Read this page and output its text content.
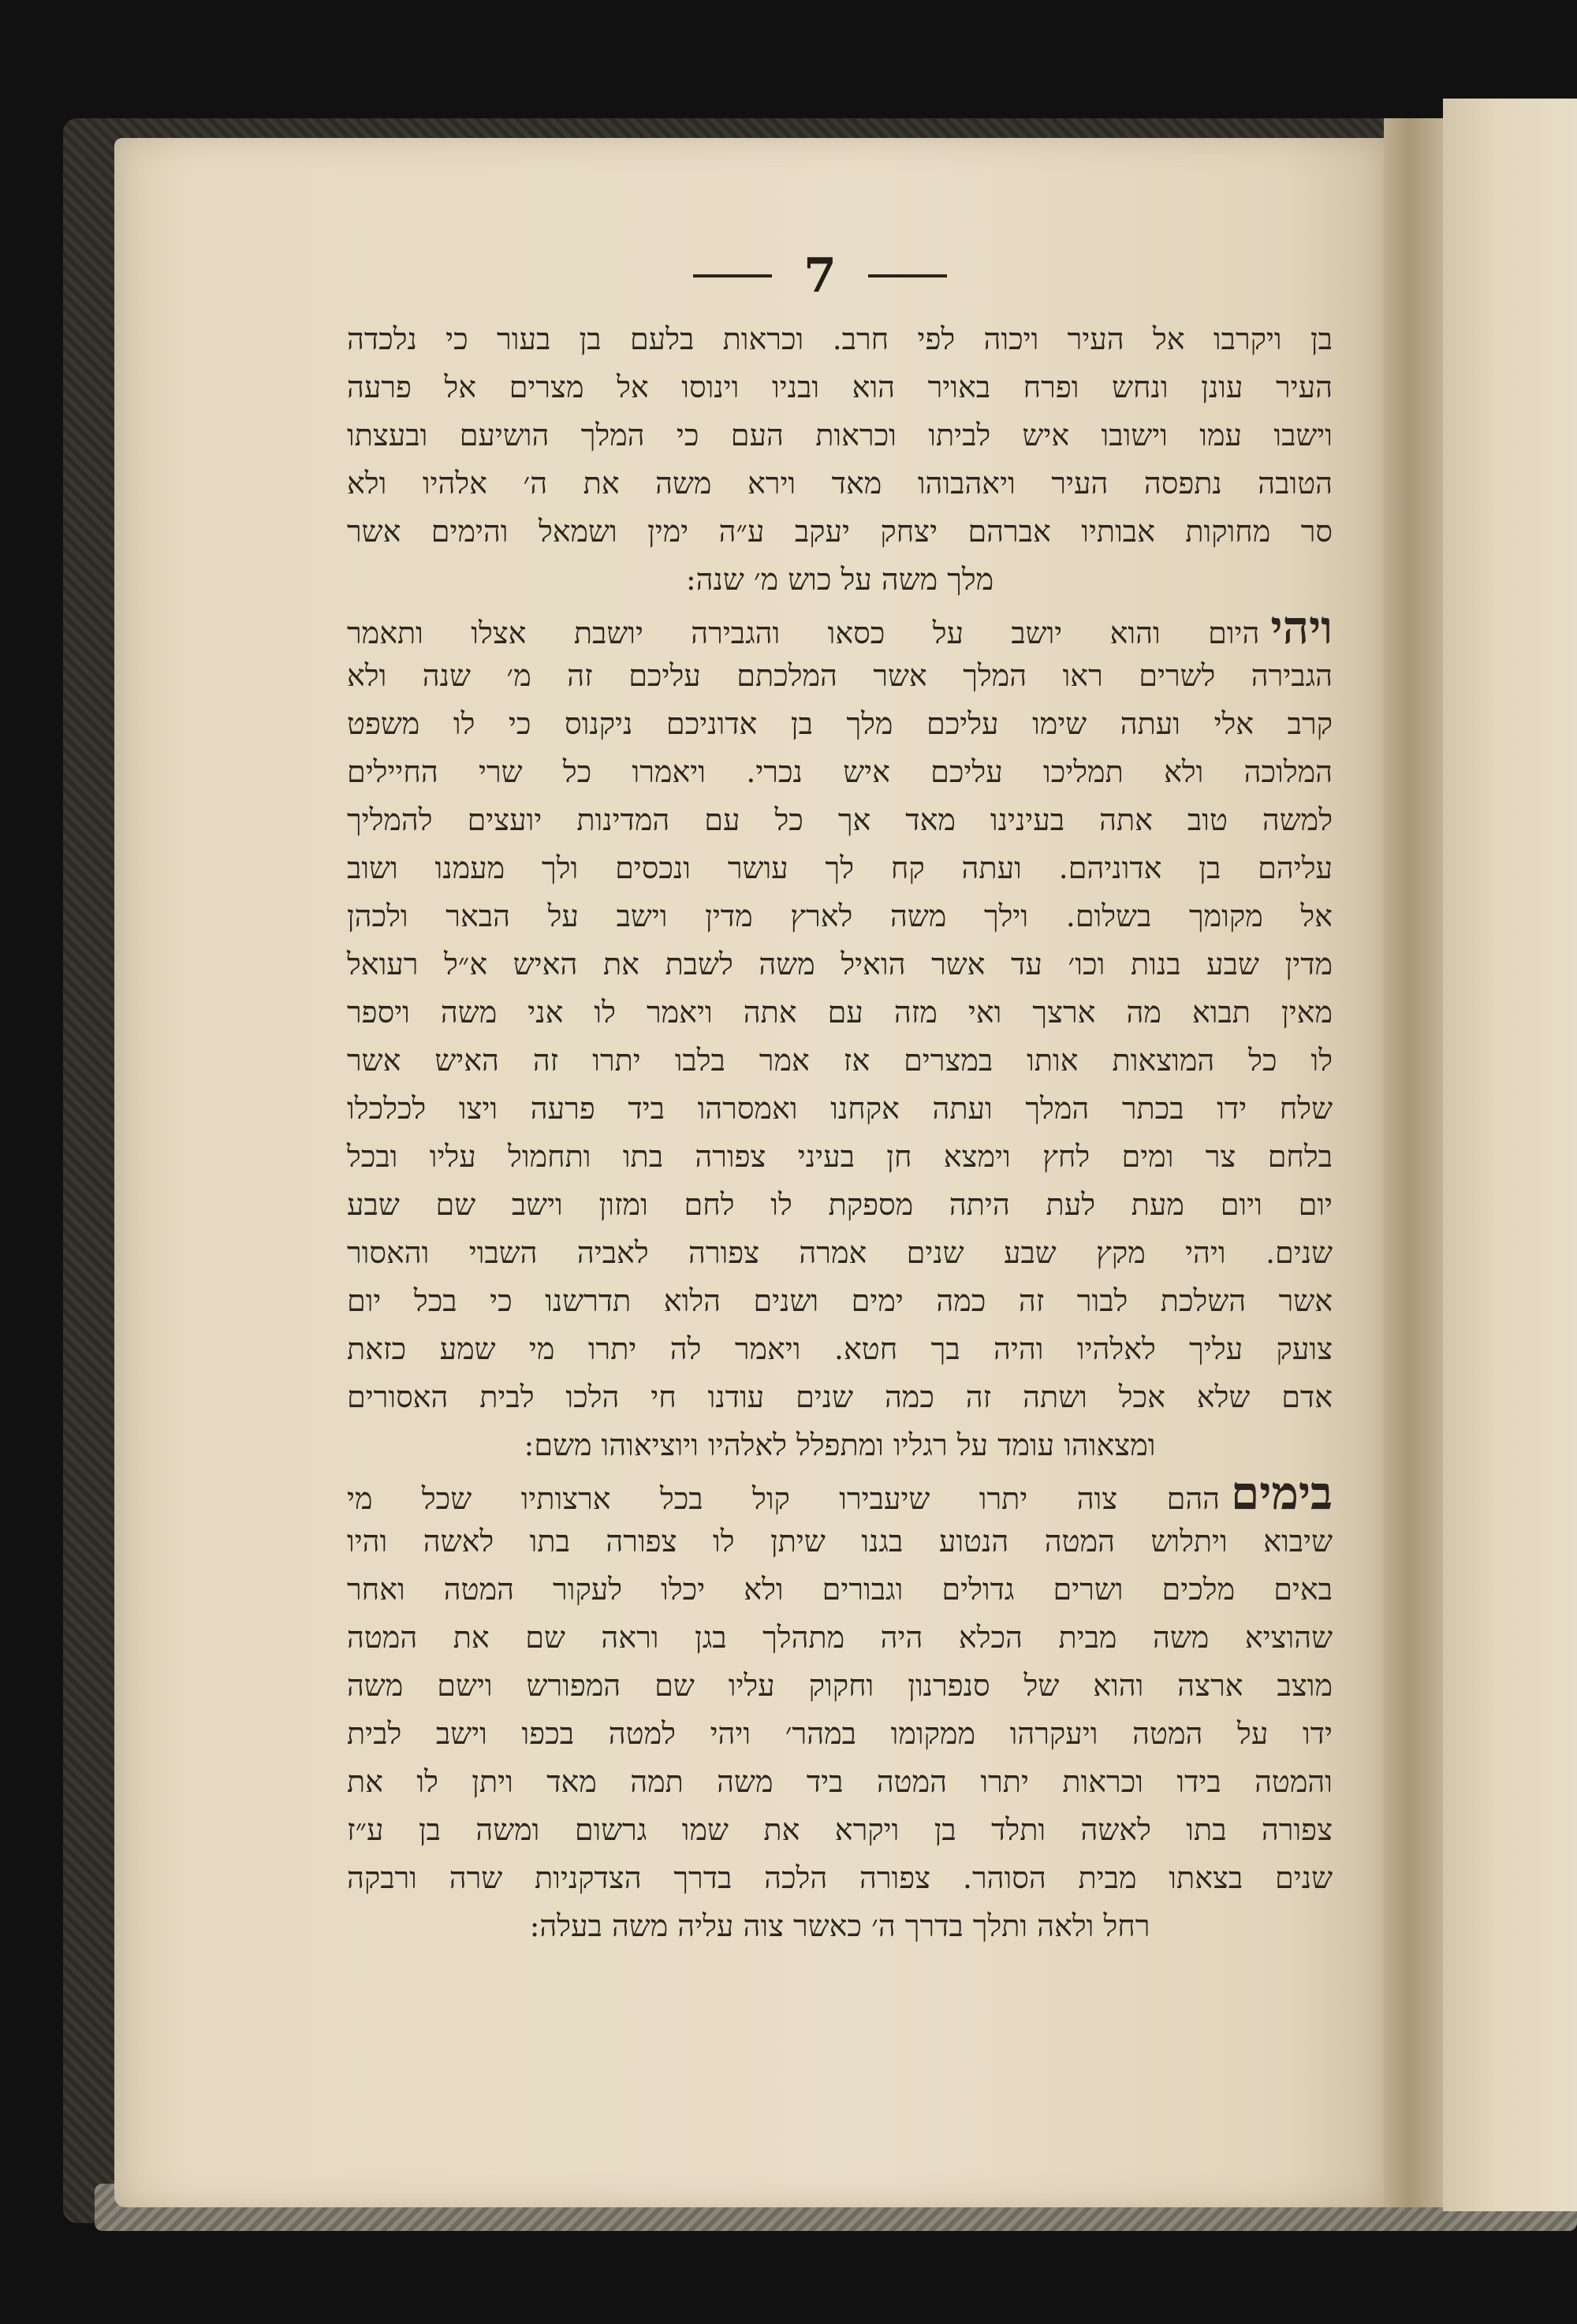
7
בן ויקרבו אל העיר ויכוה לפי חרב. וכראות בלעם בן בעור כי נלכדה
העיר עונן ונחש ופרח באויר הוא ובניו וינוסו אל מצרים אל פרעה
וישבו עמו וישובו איש לביתו וכראות העם כי המלך הושיעם ובעצתו
הטובה נתפסה העיר ויאהבוהו מאד וירא משה את ה׳ אלהיו ולא
סר מחוקות אבותיו אברהם יצחק יעקב ע״ה ימין ושמאל והימים אשר
מלך משה על כוש מ׳ שנה:
ויהיהיום והוא יושב על כסאו והגבירה יושבת אצלו ותאמר
הגבירה לשרים ראו המלך אשר המלכתם עליכם זה מ׳ שנה ולא
קרב אלי ועתה שימו עליכם מלך בן אדוניכם ניקנוס כי לו משפט
המלוכה ולא תמליכו עליכם איש נכרי. ויאמרו כל שרי החיילים
למשה טוב אתה בעינינו מאד אך כל עם המדינות יועצים להמליך
עליהם בן אדוניהם. ועתה קח לך עושר ונכסים ולך מעמנו ושוב
אל מקומך בשלום. וילך משה לארץ מדין וישב על הבאר ולכהן
מדין שבע בנות וכו׳ עד אשר הואיל משה לשבת את האיש א״ל רעואל
מאין תבוא מה ארצך ואי מזה עם אתה ויאמר לו אני משה ויספר
לו כל המוצאות אותו במצרים אז אמר בלבו יתרו זה האיש אשר
שלח ידו בכתר המלך ועתה אקחנו ואמסרהו ביד פרעה ויצו לכלכלו
בלחם צר ומים לחץ וימצא חן בעיני צפורה בתו ותחמול עליו ובכל
יום ויום מעת לעת היתה מספקת לו לחם ומזון וישב שם שבע
שנים. ויהי מקץ שבע שנים אמרה צפורה לאביה השבוי והאסור
אשר השלכת לבור זה כמה ימים ושנים הלוא תדרשנו כי בכל יום
צועק עליך לאלהיו והיה בך חטא. ויאמר לה יתרו מי שמע כזאת
אדם שלא אכל ושתה זה כמה שנים עודנו חי הלכו לבית האסורים
ומצאוהו עומד על רגליו ומתפלל לאלהיו ויוציאוהו משם:
בימיםההם צוה יתרו שיעבירו קול בכל ארצותיו שכל מי
שיבוא ויתלוש המטה הנטוע בגנו שיתן לו צפורה בתו לאשה והיו
באים מלכים ושרים גדולים וגבורים ולא יכלו לעקור המטה ואחר
שהוציא משה מבית הכלא היה מתהלך בגן וראה שם את המטה
מוצב ארצה והוא של סנפרנון וחקוק עליו שם המפורש וישם משה
ידו על המטה ויעקרהו ממקומו במהר׳ ויהי למטה בכפו וישב לבית
והמטה בידו וכראות יתרו המטה ביד משה תמה מאד ויתן לו את
צפורה בתו לאשה ותלד בן ויקרא את שמו גרשום ומשה בן ע״ז
שנים בצאתו מבית הסוהר. צפורה הלכה בדרך הצדקניות שרה ורבקה
רחל ולאה ותלך בדרך ה׳ כאשר צוה עליה משה בעלה:
